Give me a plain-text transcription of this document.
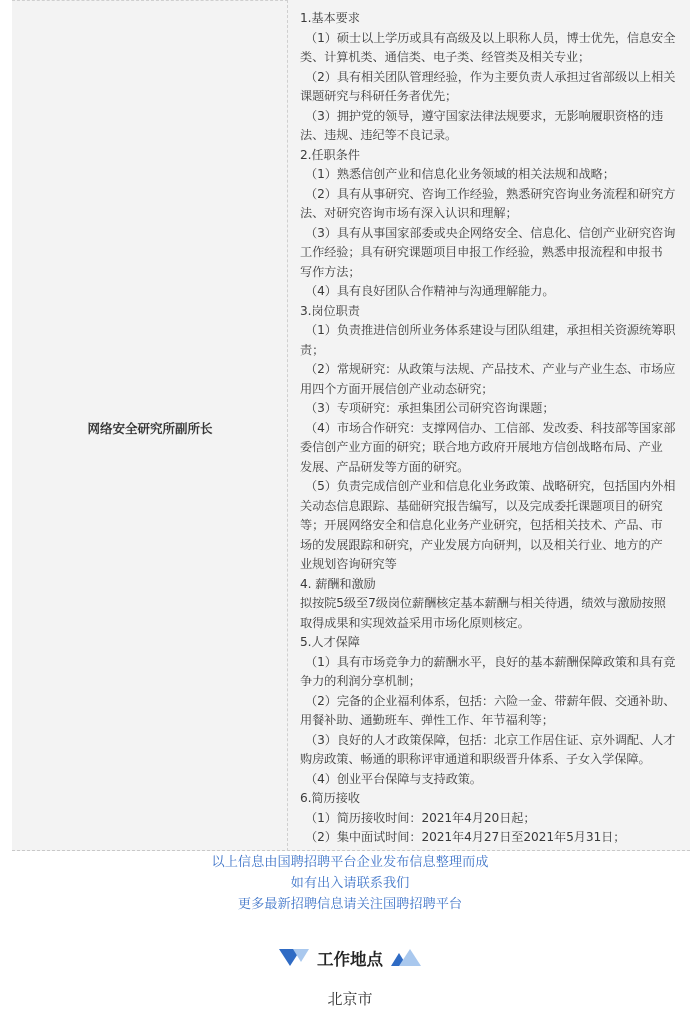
网络安全研究所副所长
1.基本要求
（1）硕士以上学历或具有高级及以上职称人员，博士优先，信息安全
类、计算机类、通信类、电子类、经管类及相关专业；
（2）具有相关团队管理经验，作为主要负责人承担过省部级以上相关
课题研究与科研任务者优先；
（3）拥护党的领导，遵守国家法律法规要求，无影响履职资格的违
法、违规、违纪等不良记录。
2.任职条件
（1）熟悉信创产业和信息化业务领域的相关法规和战略；
（2）具有从事研究、咨询工作经验，熟悉研究咨询业务流程和研究方
法、对研究咨询市场有深入认识和理解；
（3）具有从事国家部委或央企网络安全、信息化、信创产业研究咨询
工作经验；具有研究课题项目申报工作经验，熟悉申报流程和申报书
写作方法；
（4）具有良好团队合作精神与沟通理解能力。
3.岗位职责
（1）负责推进信创所业务体系建设与团队组建，承担相关资源统筹职
责；
（2）常规研究：从政策与法规、产品技术、产业与产业生态、市场应
用四个方面开展信创产业动态研究；
（3）专项研究：承担集团公司研究咨询课题；
（4）市场合作研究：支撑网信办、工信部、发改委、科技部等国家部
委信创产业方面的研究；联合地方政府开展地方信创战略布局、产业
发展、产品研发等方面的研究。
（5）负责完成信创产业和信息化业务政策、战略研究，包括国内外相
关动态信息跟踪、基础研究报告编写，以及完成委托课题项目的研究
等；开展网络安全和信息化业务产业研究，包括相关技术、产品、市
场的发展跟踪和研究，产业发展方向研判，以及相关行业、地方的产
业规划咨询研究等
4. 薪酬和激励
拟按院5级至7级岗位薪酬核定基本薪酬与相关待遇，绩效与激励按照
取得成果和实现效益采用市场化原则核定。
5.人才保障
（1）具有市场竞争力的薪酬水平，良好的基本薪酬保障政策和具有竞
争力的利润分享机制；
（2）完备的企业福利体系，包括：六险一金、带薪年假、交通补助、
用餐补助、通勤班车、弹性工作、年节福利等；
（3）良好的人才政策保障，包括：北京工作居住证、京外调配、人才
购房政策、畅通的职称评审通道和职级晋升体系、子女入学保障。
（4）创业平台保障与支持政策。
6.简历接收
（1）简历接收时间：2021年4月20日起；
（2）集中面试时间：2021年4月27日至2021年5月31日；
以上信息由国聘招聘平台企业发布信息整理而成
如有出入请联系我们
更多最新招聘信息请关注国聘招聘平台
工作地点
北京市
